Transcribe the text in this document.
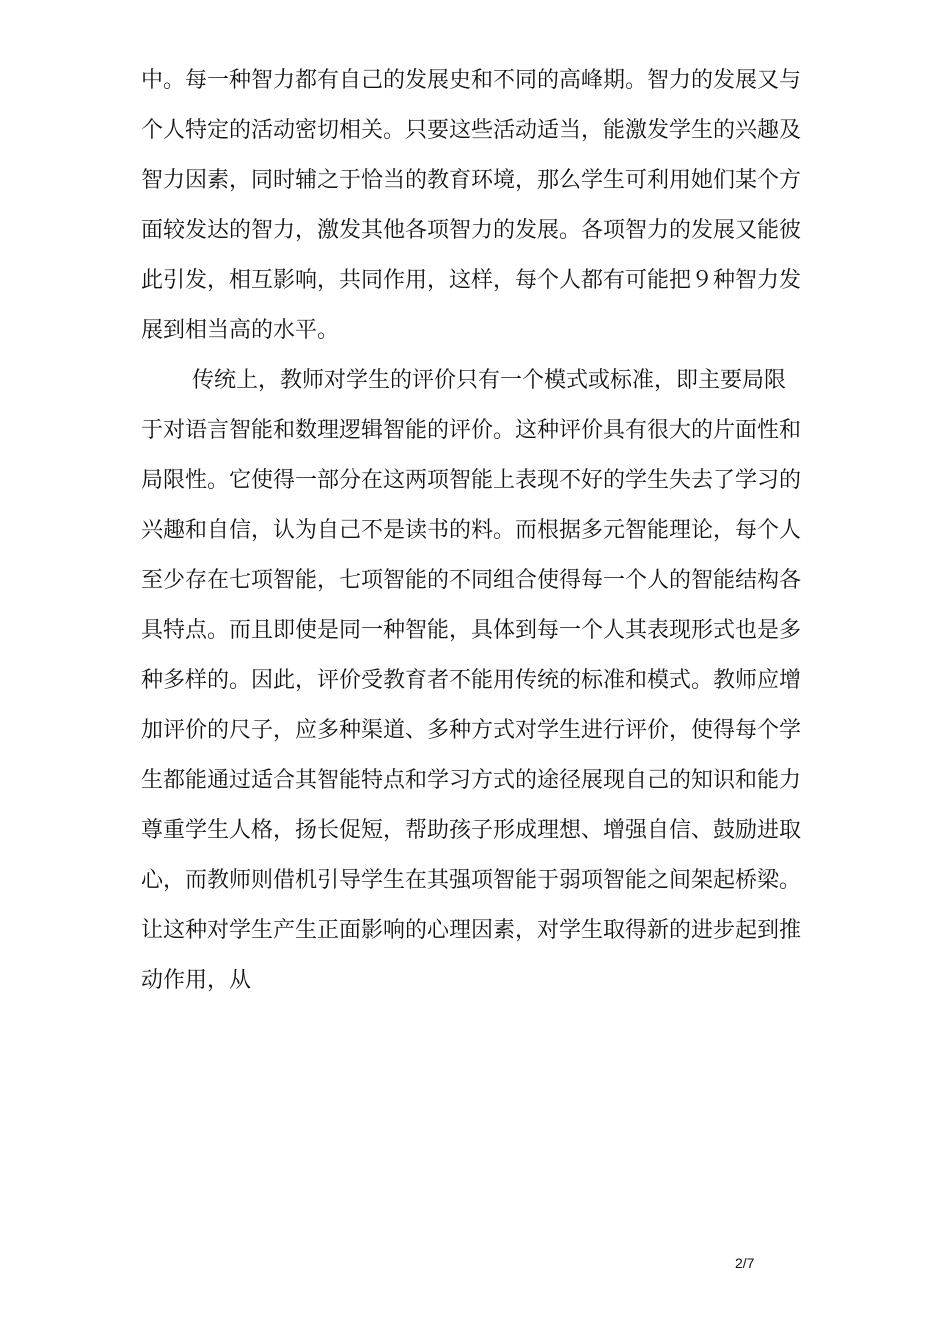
中。每一种智力都有自己的发展史和不同的高峰期。智力的发展又与
个人特定的活动密切相关。只要这些活动适当，能激发学生的兴趣及
智力因素，同时辅之于恰当的教育环境，那么学生可利用她们某个方
面较发达的智力，激发其他各项智力的发展。各项智力的发展又能彼
此引发，相互影响，共同作用，这样，每个人都有可能把９种智力发
展到相当高的水平。
传统上，教师对学生的评价只有一个模式或标准，即主要局限
于对语言智能和数理逻辑智能的评价。这种评价具有很大的片面性和
局限性。它使得一部分在这两项智能上表现不好的学生失去了学习的
兴趣和自信，认为自己不是读书的料。而根据多元智能理论，每个人
至少存在七项智能，七项智能的不同组合使得每一个人的智能结构各
具特点。而且即使是同一种智能，具体到每一个人其表现形式也是多
种多样的。因此，评价受教育者不能用传统的标准和模式。教师应增
加评价的尺子，应多种渠道、多种方式对学生进行评价，使得每个学
生都能通过适合其智能特点和学习方式的途径展现自己的知识和能力
尊重学生人格，扬长促短，帮助孩子形成理想、增强自信、鼓励进取
心，而教师则借机引导学生在其强项智能于弱项智能之间架起桥梁。
让这种对学生产生正面影响的心理因素，对学生取得新的进步起到推
动作用，从
2/7
